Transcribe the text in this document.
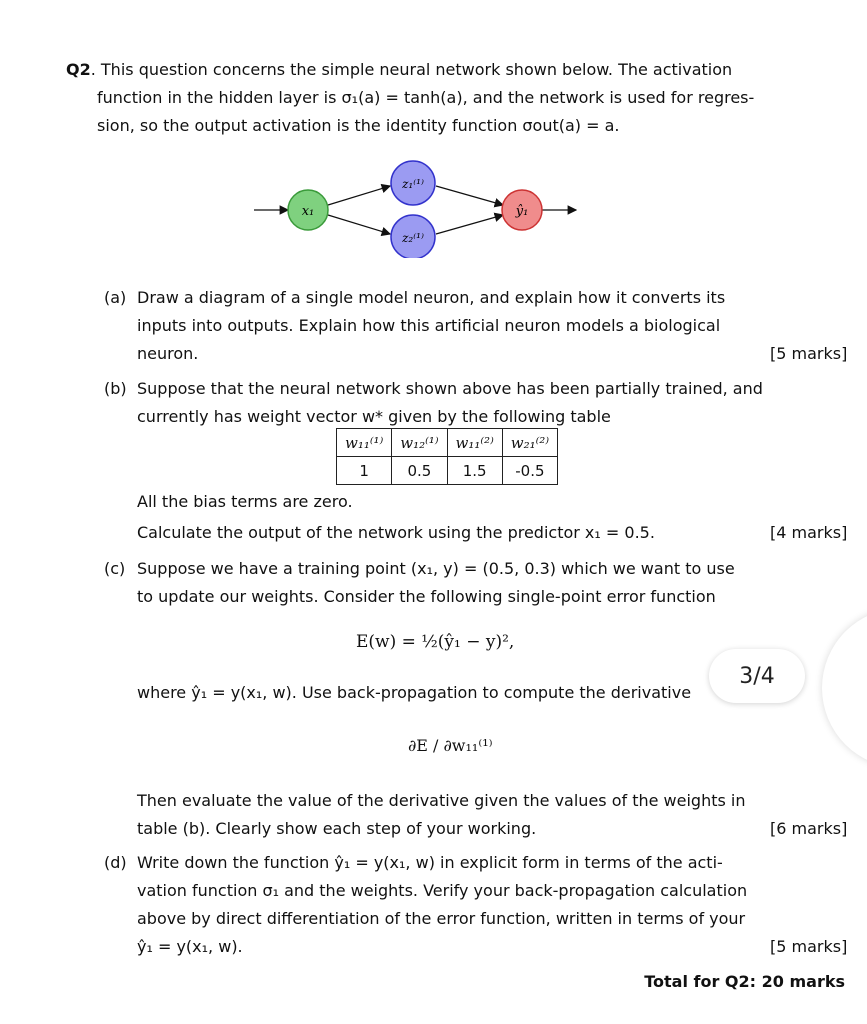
Q2. This question concerns the simple neural network shown below. The activation
function in the hidden layer is σ₁(a) = tanh(a), and the network is used for regres-
sion, so the output activation is the identity function σout(a) = a.
x₁
z₁⁽¹⁾
z₂⁽¹⁾
ŷ₁
(a) Draw a diagram of a single model neuron, and explain how it converts its
inputs into outputs. Explain how this artificial neuron models a biological
neuron.	[5 marks]
(b) Suppose that the neural network shown above has been partially trained, and
currently has weight vector w* given by the following table
w₁₁⁽¹⁾	w₁₂⁽¹⁾	w₁₁⁽²⁾	w₂₁⁽²⁾
1	0.5	1.5	-0.5
All the bias terms are zero.
Calculate the output of the network using the predictor x₁ = 0.5.	[4 marks]
(c) Suppose we have a training point (x₁, y) = (0.5, 0.3) which we want to use
to update our weights. Consider the following single-point error function
E(w) = ½(ŷ₁ − y)²,
where ŷ₁ = y(x₁, w). Use back-propagation to compute the derivative
∂E / ∂w₁₁⁽¹⁾
Then evaluate the value of the derivative given the values of the weights in
table (b). Clearly show each step of your working.	[6 marks]
(d) Write down the function ŷ₁ = y(x₁, w) in explicit form in terms of the acti-
vation function σ₁ and the weights. Verify your back-propagation calculation
above by direct differentiation of the error function, written in terms of your
ŷ₁ = y(x₁, w).	[5 marks]
Total for Q2: 20 marks
3/4
